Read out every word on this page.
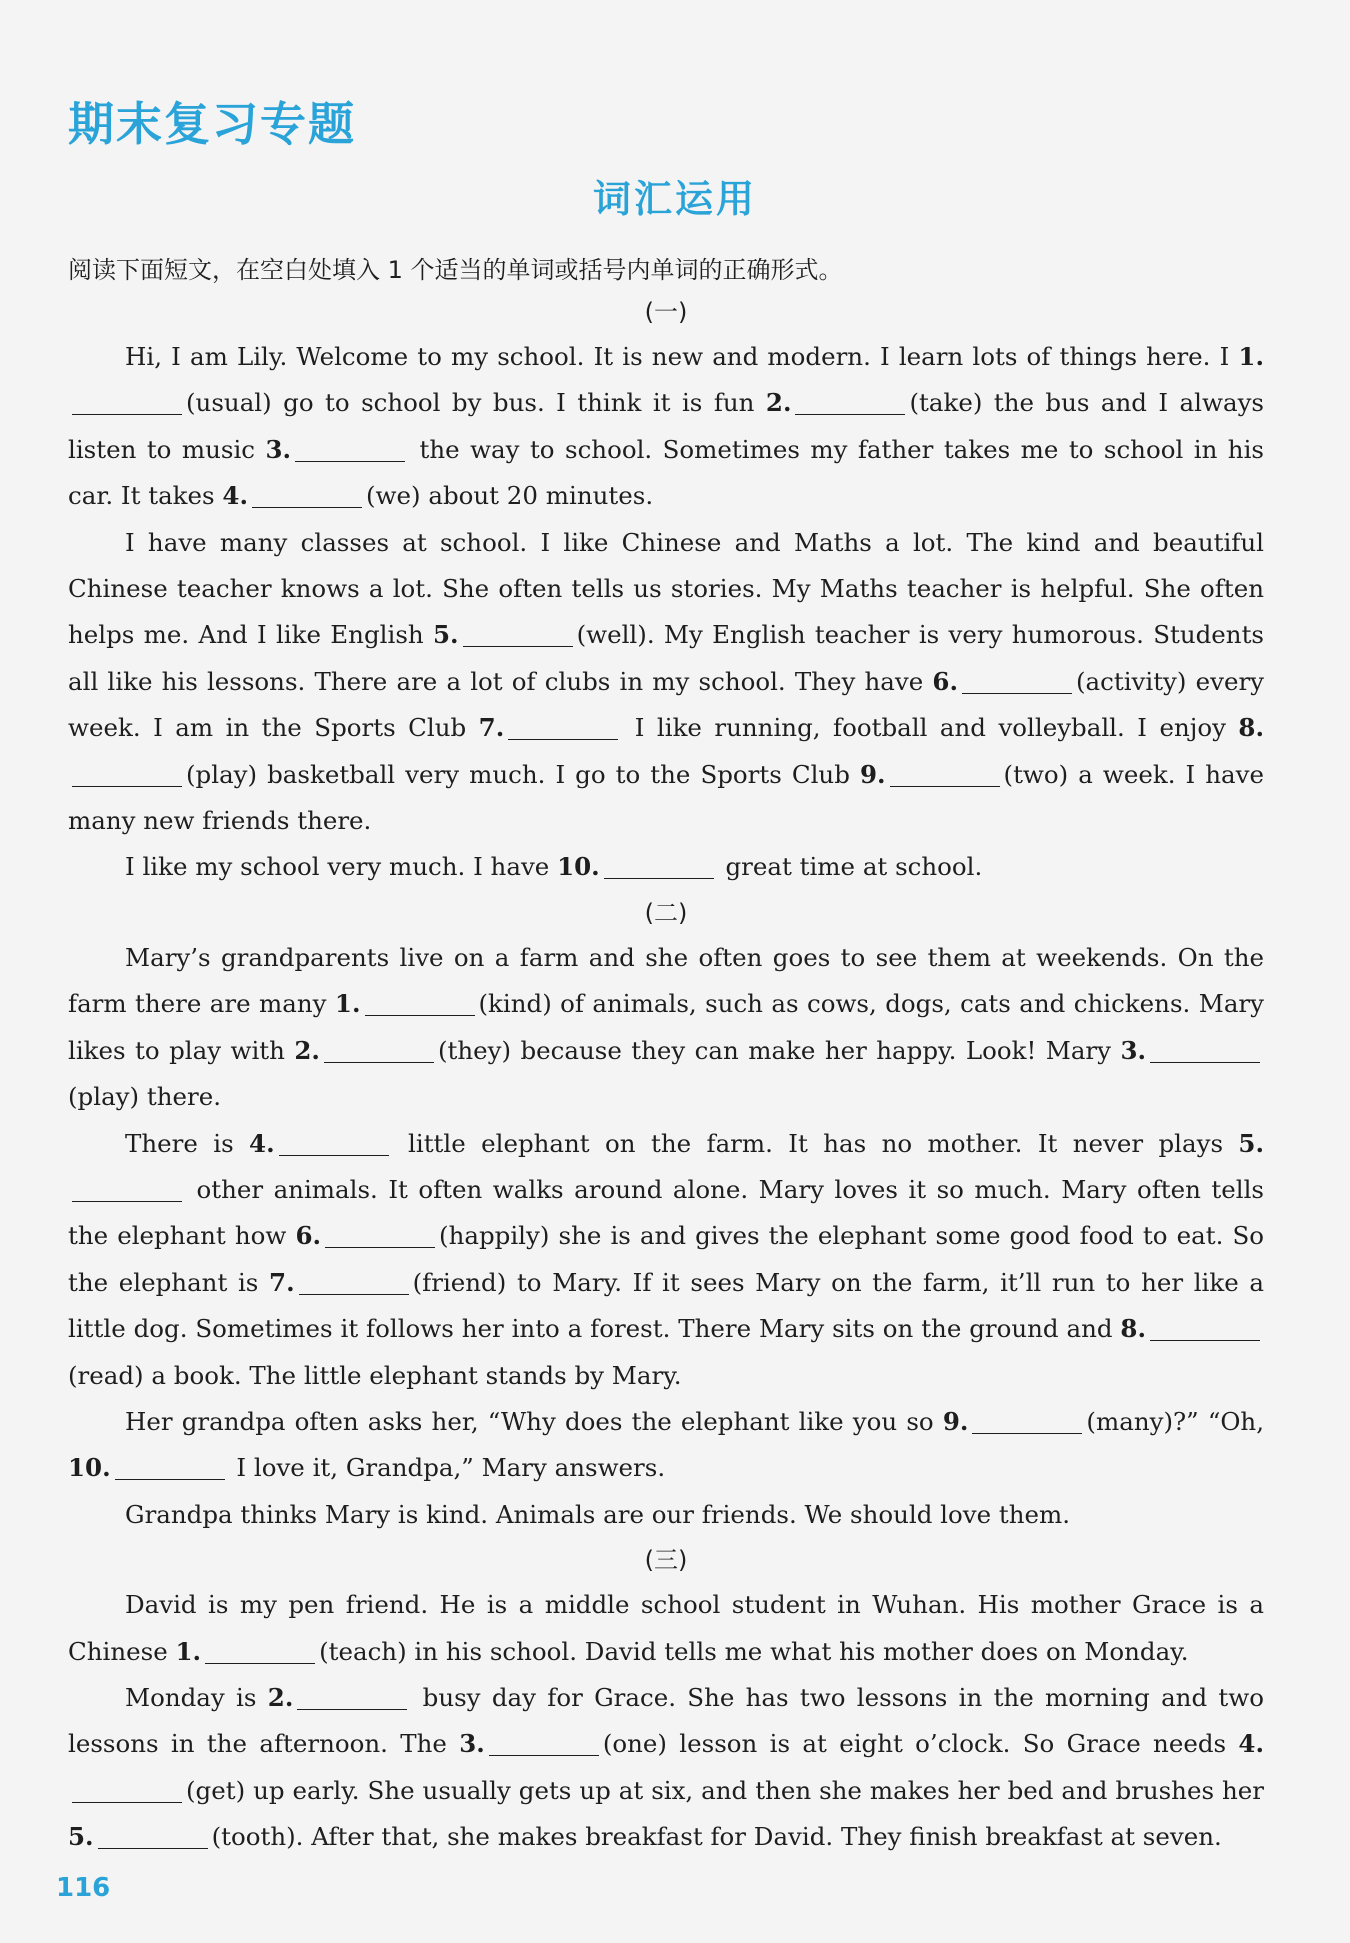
期末复习专题
词汇运用
阅读下面短文，在空白处填入 1 个适当的单词或括号内单词的正确形式。
(一)

Hi, I am Lily. Welcome to my school. It is new and modern. I learn lots of things here. I 1.(usual) go to school by bus. I think it is fun 2.	(take) the bus and I always listen to music 3.	the way to school. Sometimes my father takes me to school in his car. It takes 4.	(we) about 20 minutes.

I have many classes at school. I like Chinese and Maths a lot. The kind and beautiful Chinese teacher knows a lot. She often tells us stories. My Maths teacher is helpful. She often helps me. And I like English 5.	(well). My English teacher is very humorous. Students all like his lessons. There are a lot of clubs in my school. They have 6.	(activity) every week. I am in the Sports Club 7.	I like running, football and volleyball. I enjoy 8.(play) basketball very much. I go to the Sports Club 9.	(two) a week. I have many new friends there.

I like my school very much. I have 10.	great time at school.

(二)

Mary’s grandparents live on a farm and she often goes to see them at weekends. On the farm there are many 1.	(kind) of animals, such as cows, dogs, cats and chickens. Mary likes to play with 2.	(they) because they can make her happy. Look! Mary 3.(play) there.

There is 4.	little elephant on the farm. It has no mother. It never plays 5. other animals. It often walks around alone. Mary loves it so much. Mary often tells the elephant how 6.	(happily) she is and gives the elephant some good food to eat. So the elephant is 7.	(friend) to Mary. If it sees Mary on the farm, it’ll run to her like a little dog. Sometimes it follows her into a forest. There Mary sits on the ground and 8.(read) a book. The little elephant stands by Mary.

Her grandpa often asks her, “Why does the elephant like you so 9.	(many)?” “Oh, 10.	I love it, Grandpa,” Mary answers.

Grandpa thinks Mary is kind. Animals are our friends. We should love them.

(三)

David is my pen friend. He is a middle school student in Wuhan. His mother Grace is a Chinese 1.	(teach) in his school. David tells me what his mother does on Monday.

Monday is 2.	busy day for Grace. She has two lessons in the morning and two lessons in the afternoon. The 3.	(one) lesson is at eight o’clock. So Grace needs 4.(get) up early. She usually gets up at six, and then she makes her bed and brushes her 5.	(tooth). After that, she makes breakfast for David. They finish breakfast at seven.

116
